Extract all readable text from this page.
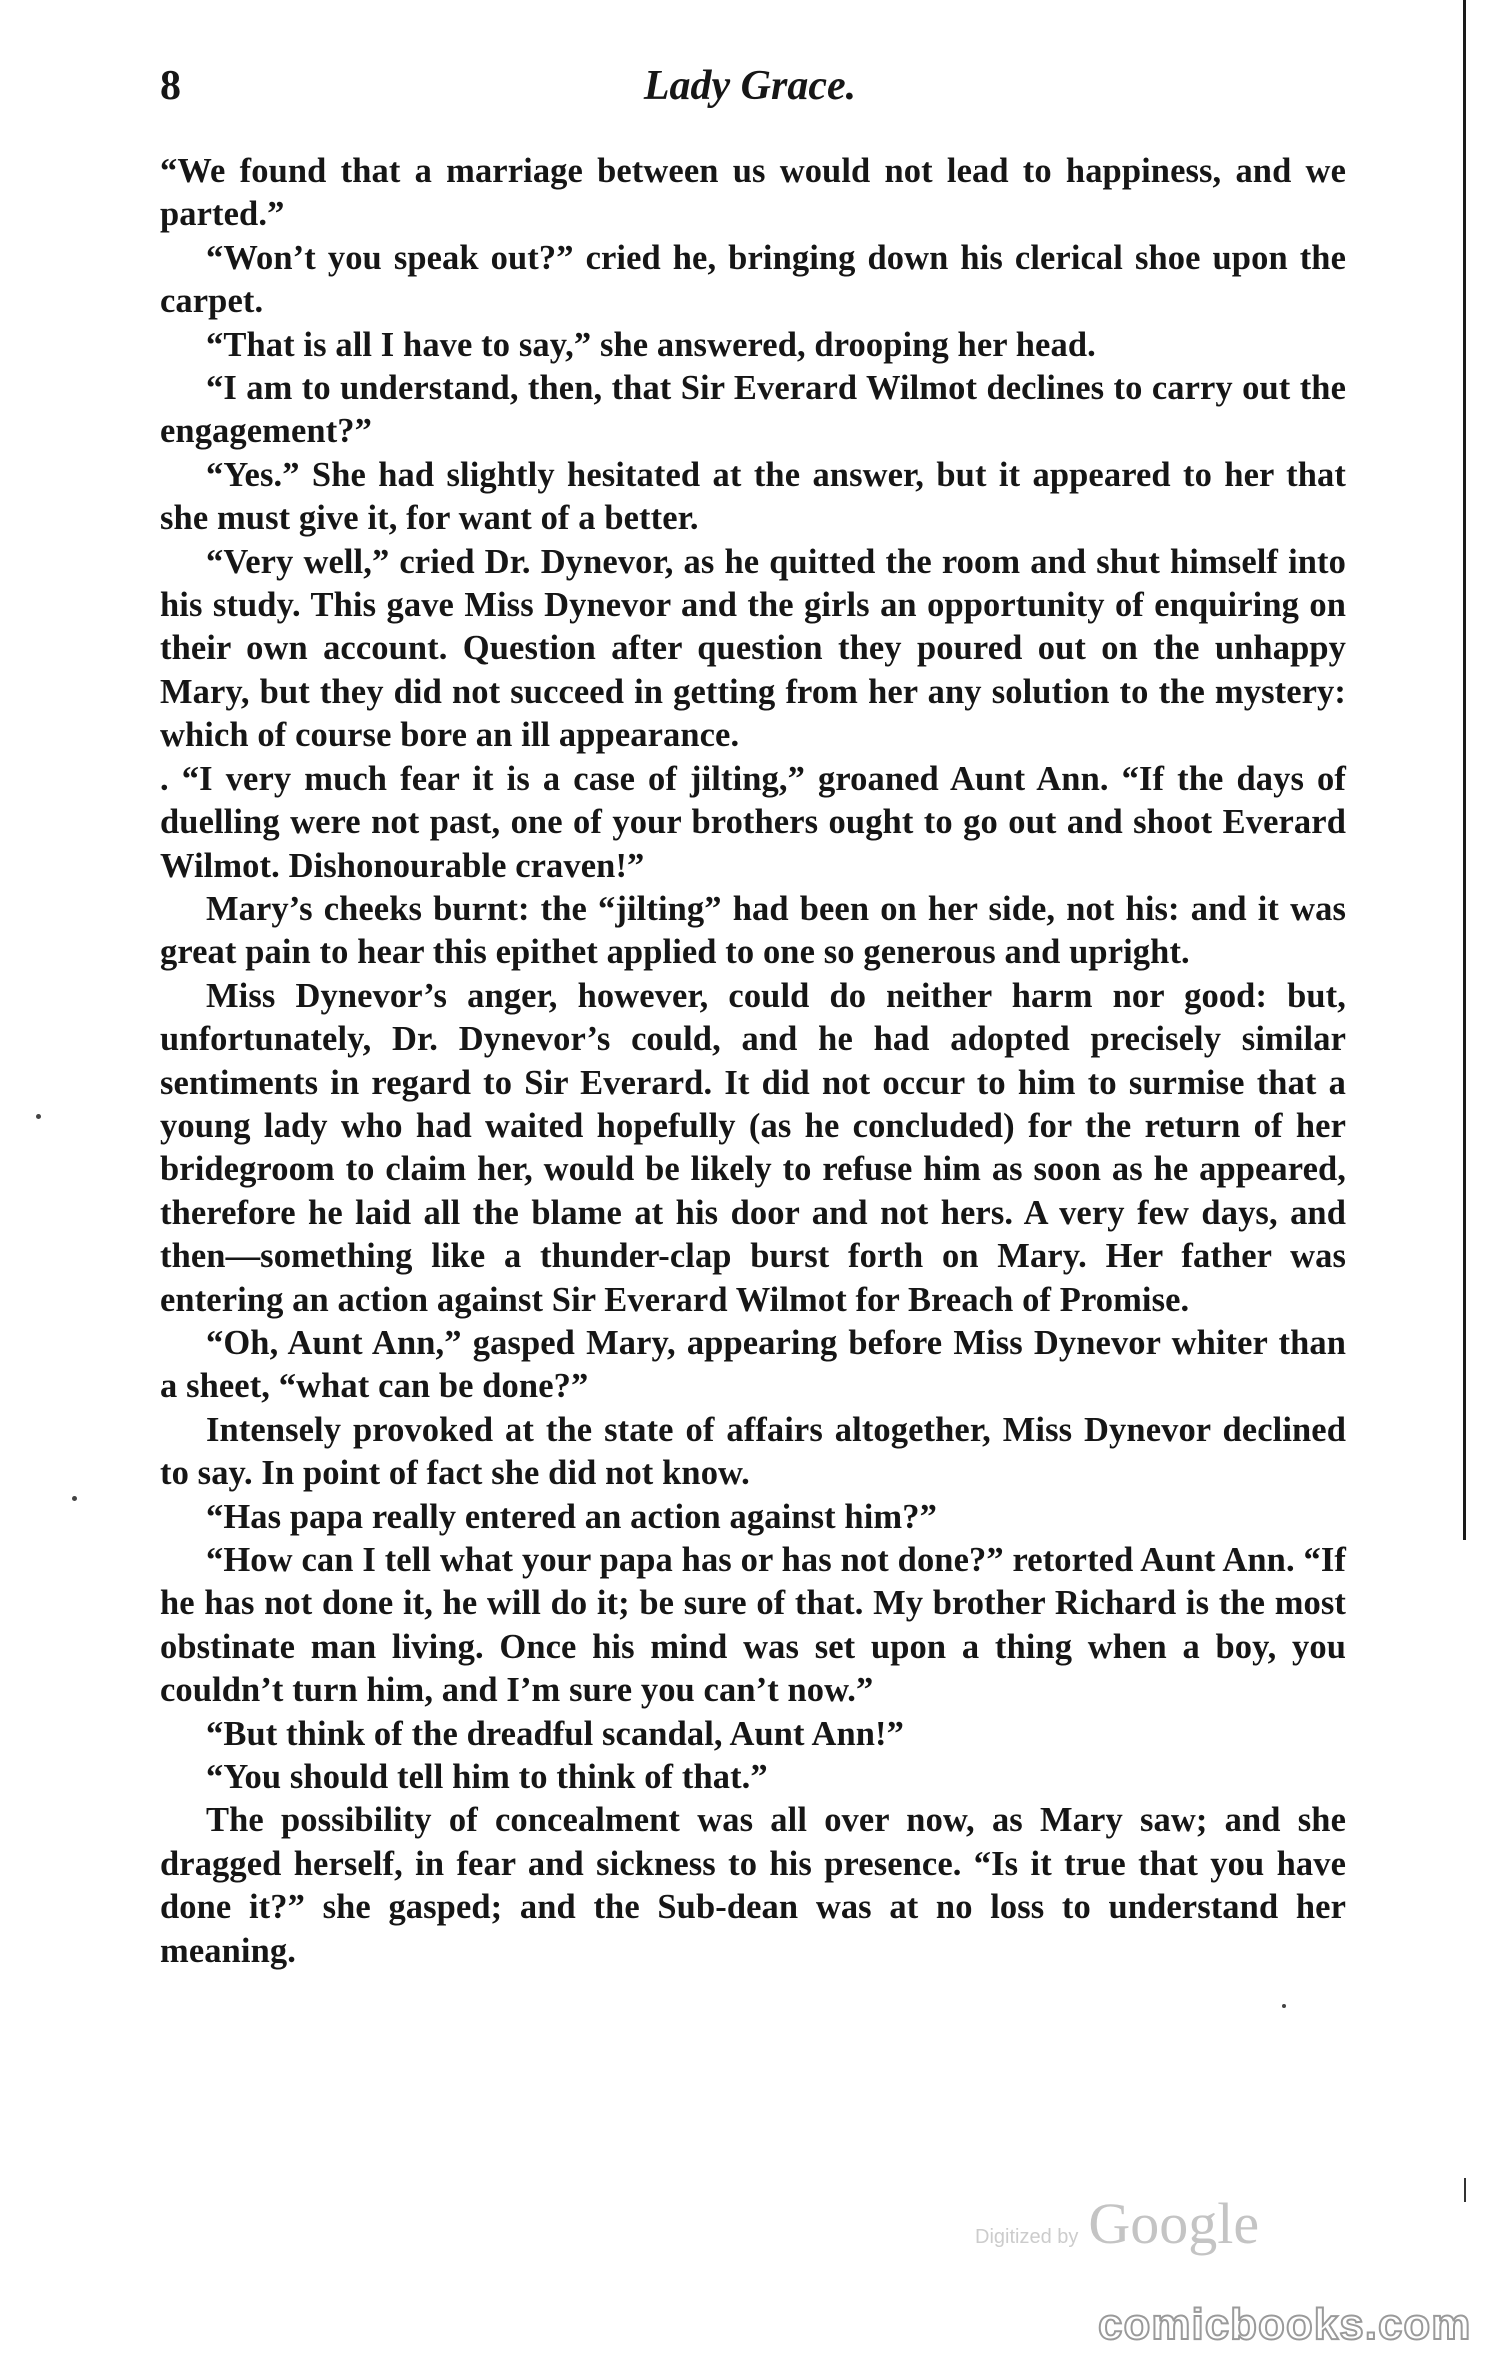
8	Lady Grace.

“We found that a marriage between us would not lead to happiness, and we parted.”

“Won’t you speak out?” cried he, bringing down his clerical shoe upon the carpet.

“That is all I have to say,” she answered, drooping her head.

“I am to understand, then, that Sir Everard Wilmot declines to carry out the engagement?”

“Yes.” She had slightly hesitated at the answer, but it appeared to her that she must give it, for want of a better.

“Very well,” cried Dr. Dynevor, as he quitted the room and shut himself into his study. This gave Miss Dynevor and the girls an opportunity of enquiring on their own account. Question after question they poured out on the unhappy Mary, but they did not succeed in getting from her any solution to the mystery: which of course bore an ill appearance.

. “I very much fear it is a case of jilting,” groaned Aunt Ann. “If the days of duelling were not past, one of your brothers ought to go out and shoot Everard Wilmot. Dishonourable craven!”

Mary’s cheeks burnt: the “jilting” had been on her side, not his: and it was great pain to hear this epithet applied to one so generous and upright.

Miss Dynevor’s anger, however, could do neither harm nor good: but, unfortunately, Dr. Dynevor’s could, and he had adopted precisely similar sentiments in regard to Sir Everard. It did not occur to him to surmise that a young lady who had waited hopefully (as he concluded) for the return of her bridegroom to claim her, would be likely to refuse him as soon as he appeared, therefore he laid all the blame at his door and not hers. A very few days, and then—something like a thunder-clap burst forth on Mary. Her father was entering an action against Sir Everard Wilmot for Breach of Promise.

“Oh, Aunt Ann,” gasped Mary, appearing before Miss Dynevor whiter than a sheet, “what can be done?”

Intensely provoked at the state of affairs altogether, Miss Dynevor declined to say. In point of fact she did not know.

“Has papa really entered an action against him?”

“How can I tell what your papa has or has not done?” retorted Aunt Ann. “If he has not done it, he will do it; be sure of that. My brother Richard is the most obstinate man living. Once his mind was set upon a thing when a boy, you couldn’t turn him, and I’m sure you can’t now.”

“But think of the dreadful scandal, Aunt Ann!”

“You should tell him to think of that.”

The possibility of concealment was all over now, as Mary saw; and she dragged herself, in fear and sickness to his presence. “Is it true that you have done it?” she gasped; and the Sub-dean was at no loss to understand her meaning.

Digitized by Google
comicbooks.com
